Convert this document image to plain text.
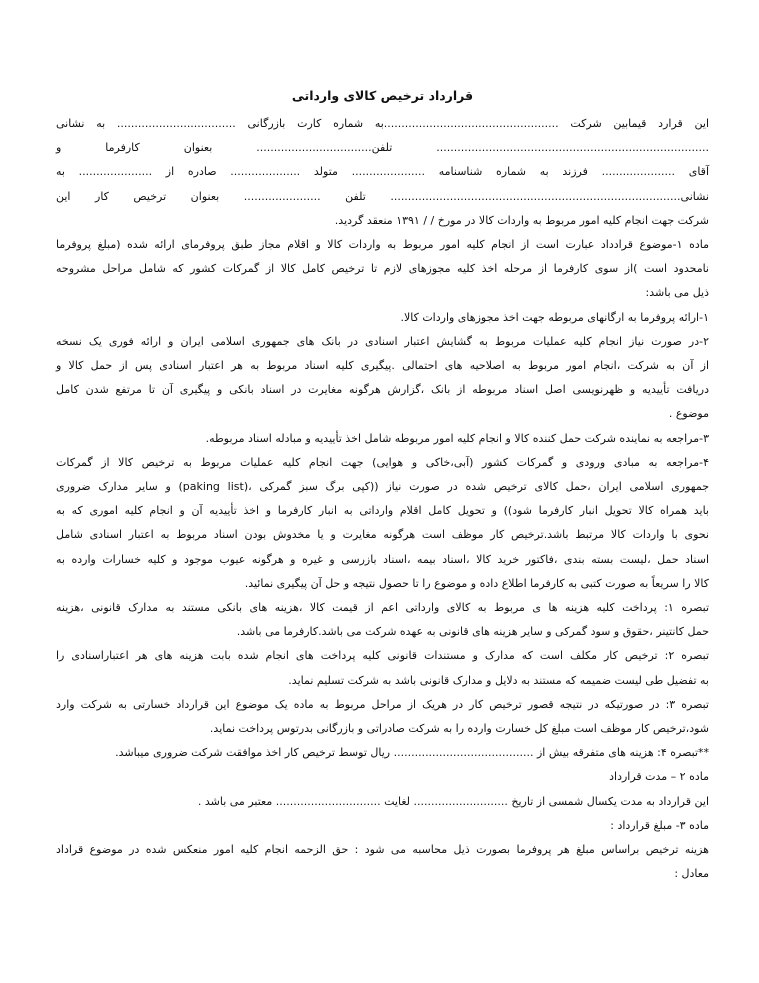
قرارداد ترخیص کالای وارداتی
این قرارد قیمابین شرکت ..................................................به شماره کارت بازرگانی .................................. به نشانی
.............................................................................. تلفن................................. بعنوان کارفرما و
آقای ..................... فرزند به شماره شناسنامه ..................... متولد .................... صادره از ..................... به
نشانی................................................................................... تلفن ...................... بعنوان ترخیص کار این
شرکت جهت انجام کلیه امور مربوط به واردات کالا در مورخ / / ۱۳۹۱ منعقد گردید.
ماده ۱-موضوع قرادداد عبارت است از انجام کلیه امور مربوط به واردات کالا و اقلام مجاز طبق پروفرمای ارائه شده (مبلغ پروفرما
نامحدود است )از سوی کارفرما از مرحله اخذ کلیه مجوزهای لازم تا ترخیص کامل کالا از گمرکات کشور که شامل مراحل مشروحه
ذیل می باشد:
۱-ارائه پروفرما به ارگانهای مربوطه جهت اخذ مجوزهای واردات کالا.
۲-در صورت نیاز انجام کلیه عملیات مربوط به گشایش اعتبار اسنادی در بانک های جمهوری اسلامی ایران و ارائه فوری یک نسخه
از آن به شرکت ،انجام امور مربوط به اصلاحیه های احتمالی .پیگیری کلیه اسناد مربوط به هر اعتبار اسنادی پس از حمل کالا و
دریافت تأییدیه و ظهرنویسی اصل اسناد مربوطه از بانک ،گزارش هرگونه مغایرت در اسناد بانکی و پیگیری آن تا مرتفع شدن کامل
موضوع .
۳-مراجعه به نماینده شرکت حمل کننده کالا و انجام کلیه امور مربوطه شامل اخذ تأییدیه و مبادله اسناد مربوطه.
۴-مراجعه به مبادی ورودی و گمرکات کشور (آبی،خاکی و هوایی) جهت انجام کلیه عملیات مربوط به ترخیص کالا از گمرکات
جمهوری اسلامی ایران ،حمل کالای ترخیص شده در صورت نیاز ((کپی برگ سبز گمرکی ،(paking list) و سایر مدارک ضروری
باید همراه کالا تحویل انبار کارفرما شود)) و تحویل کامل اقلام وارداتی به انبار کارفرما و اخذ تأییدیه آن و انجام کلیه اموری که به
نحوی با واردات کالا مرتبط باشد.ترخیص کار موظف است هرگونه مغایرت و یا مخدوش بودن اسناد مربوط به اعتبار اسنادی شامل
اسناد حمل ،لیست بسته بندی ،فاکتور خرید کالا ،اسناد بیمه ،اسناد بازرسی و غیره و هرگونه عیوب موجود و کلیه خسارات وارده به
کالا را سریعاً به صورت کتبی به کارفرما اطلاع داده و موضوع را تا حصول نتیجه و حل آن پیگیری نمائید.
تبصره ۱: پرداخت کلیه هزینه ها ی مربوط به کالای وارداتی اعم از قیمت کالا ،هزینه های بانکی مستند به مدارک قانونی ،هزینه
حمل کانتینر ،حقوق و سود گمرکی و سایر هزینه های قانونی به عهده شرکت می باشد.کارفرما می باشد.
تبصره ۲: ترخیص کار مکلف است که مدارک و مستندات قانونی کلیه پرداخت های انجام شده بابت هزینه های هر اعتباراسنادی را
به تفضیل طی لیست ضمیمه که مستند به دلایل و مدارک قانونی باشد به شرکت تسلیم نماید.
تبصره ۳: در صورتیکه در نتیجه قصور ترخیص کار در هریک از مراحل مربوط به ماده یک موضوع این قرارداد خسارتی به شرکت وارد
شود،ترخیص کار موظف است مبلغ کل خسارت وارده را به شرکت صادراتی و بازرگانی بدرتوس پرداخت نماید.
**تبصره ۴: هزینه های متفرقه بیش از ........................................ ریال توسط ترخیص کار اخذ موافقت شرکت ضروری میباشد.
ماده ۲ – مدت قرارداد
این قرارداد به مدت یکسال شمسی از تاریخ ........................... لغایت .............................. معتبر می باشد .
ماده ۳- مبلغ قرارداد :
هزینه ترخیص براساس مبلغ هر پروفرما بصورت ذیل محاسبه می شود : حق الزحمه انجام کلیه امور منعکس شده در موضوع قراداد
معادل :
